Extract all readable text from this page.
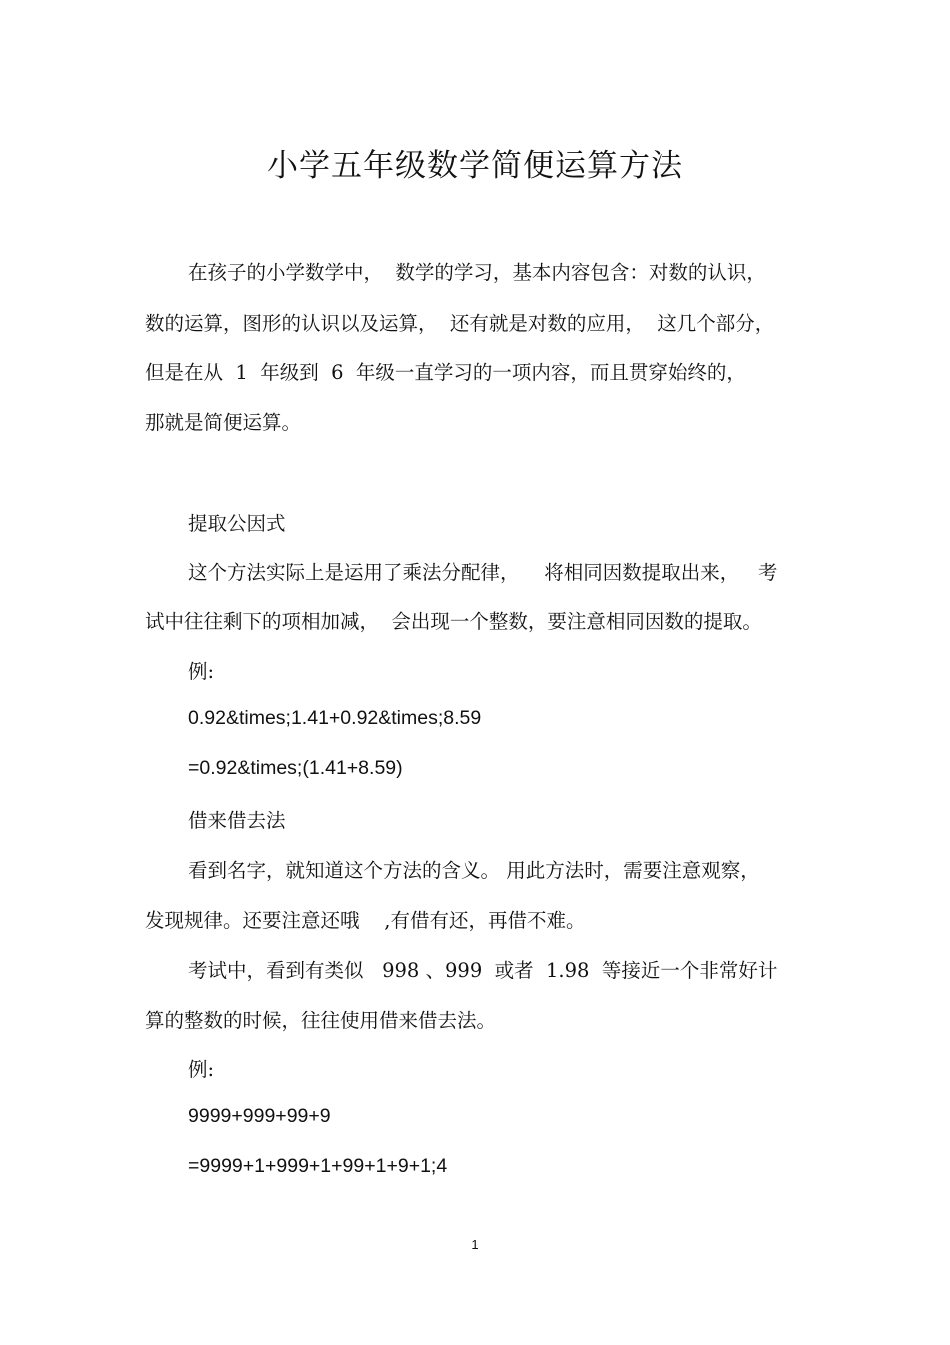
小学五年级数学简便运算方法

在孩子的小学数学中，  数学的学习，基本内容包含：对数的认识，

数的运算，图形的认识以及运算，  还有就是对数的应用，  这几个部分，

但是在从  1  年级到  6  年级一直学习的一项内容，而且贯穿始终的，

那就是简便运算。

提取公因式

这个方法实际上是运用了乘法分配律，    将相同因数提取出来，   考

试中往往剩下的项相加减，  会出现一个整数，要注意相同因数的提取。

例:

0.92&times;1.41+0.92&times;8.59

=0.92&times;(1.41+8.59)

借来借去法

看到名字，就知道这个方法的含义。 用此方法时，需要注意观察，

发现规律。还要注意还哦    ,有借有还，再借不难。

考试中，看到有类似   998 、999  或者  1.98  等接近一个非常好计

算的整数的时候，往往使用借来借去法。

例:

9999+999+99+9

=9999+1+999+1+99+1+9+1;4

1
